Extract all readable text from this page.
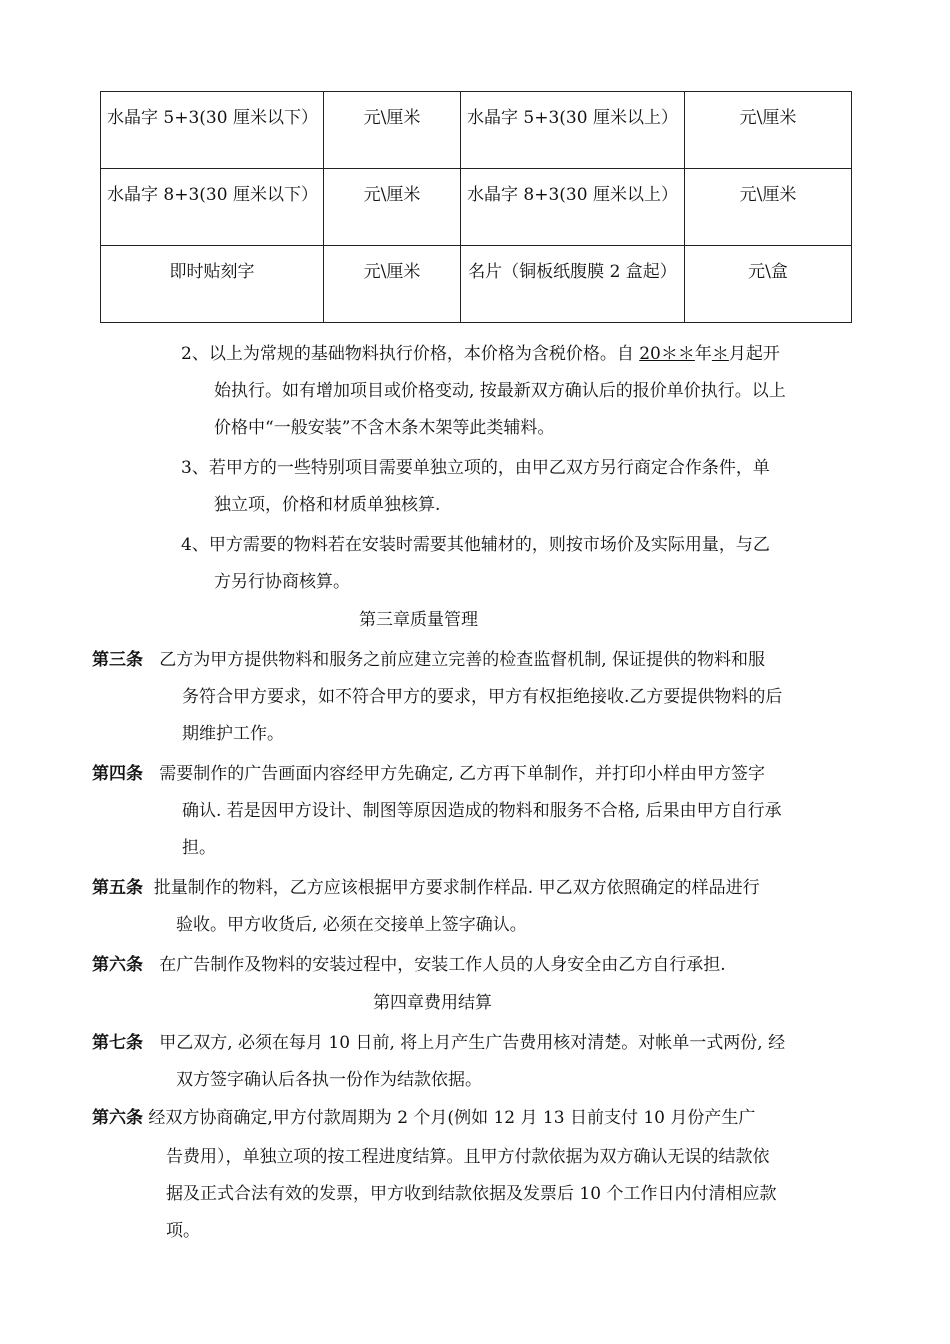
水晶字 5+3(30 厘米以下）	元\厘米	水晶字 5+3(30 厘米以上）	元\厘米
水晶字 8+3(30 厘米以下）	元\厘米	水晶字 8+3(30 厘米以上）	元\厘米
即时贴刻字	元\厘米	名片（铜板纸腹膜 2 盒起）	元\盒
2、以上为常规的基础物料执行价格，本价格为含税价格。自 20＊＊年＊月起开
始执行。如有增加项目或价格变动, 按最新双方确认后的报价单价执行。以上
价格中“一般安装”不含木条木架等此类辅料。
3、若甲方的一些特别项目需要单独立项的，由甲乙双方另行商定合作条件，单
独立项，价格和材质单独核算.
4、甲方需要的物料若在安装时需要其他辅材的，则按市场价及实际用量，与乙
方另行协商核算。
第三章质量管理
第三条 乙方为甲方提供物料和服务之前应建立完善的检查监督机制, 保证提供的物料和服
务符合甲方要求，如不符合甲方的要求，甲方有权拒绝接收.乙方要提供物料的后
期维护工作。
第四条 需要制作的广告画面内容经甲方先确定, 乙方再下单制作，并打印小样由甲方签字
确认. 若是因甲方设计、制图等原因造成的物料和服务不合格, 后果由甲方自行承
担。
第五条 批量制作的物料，乙方应该根据甲方要求制作样品. 甲乙双方依照确定的样品进行
验收。甲方收货后, 必须在交接单上签字确认。
第六条 在广告制作及物料的安装过程中，安装工作人员的人身安全由乙方自行承担.
第四章费用结算
第七条 甲乙双方, 必须在每月 10 日前, 将上月产生广告费用核对清楚。对帐单一式两份, 经
双方签字确认后各执一份作为结款依据。
第六条 经双方协商确定,甲方付款周期为 2 个月(例如 12 月 13 日前支付 10 月份产生广
告费用），单独立项的按工程进度结算。且甲方付款依据为双方确认无误的结款依
据及正式合法有效的发票，甲方收到结款依据及发票后 10 个工作日内付清相应款
项。
